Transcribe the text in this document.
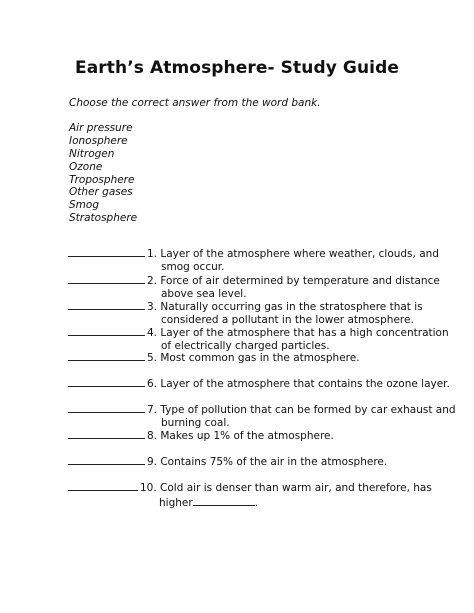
Earth’s Atmosphere- Study Guide
Choose the correct answer from the word bank.
Air pressure
Ionosphere
Nitrogen
Ozone
Troposphere
Other gases
Smog
Stratosphere
1. Layer of the atmosphere where weather, clouds, and
smog occur.
2. Force of air determined by temperature and distance
above sea level.
3. Naturally occurring gas in the stratosphere that is
considered a pollutant in the lower atmosphere.
4. Layer of the atmosphere that has a high concentration
of electrically charged particles.
5. Most common gas in the atmosphere.
6. Layer of the atmosphere that contains the ozone layer.
7. Type of pollution that can be formed by car exhaust and
burning coal.
8. Makes up 1% of the atmosphere.
9. Contains 75% of the air in the atmosphere.
10. Cold air is denser than warm air, and therefore, has
higher	.
